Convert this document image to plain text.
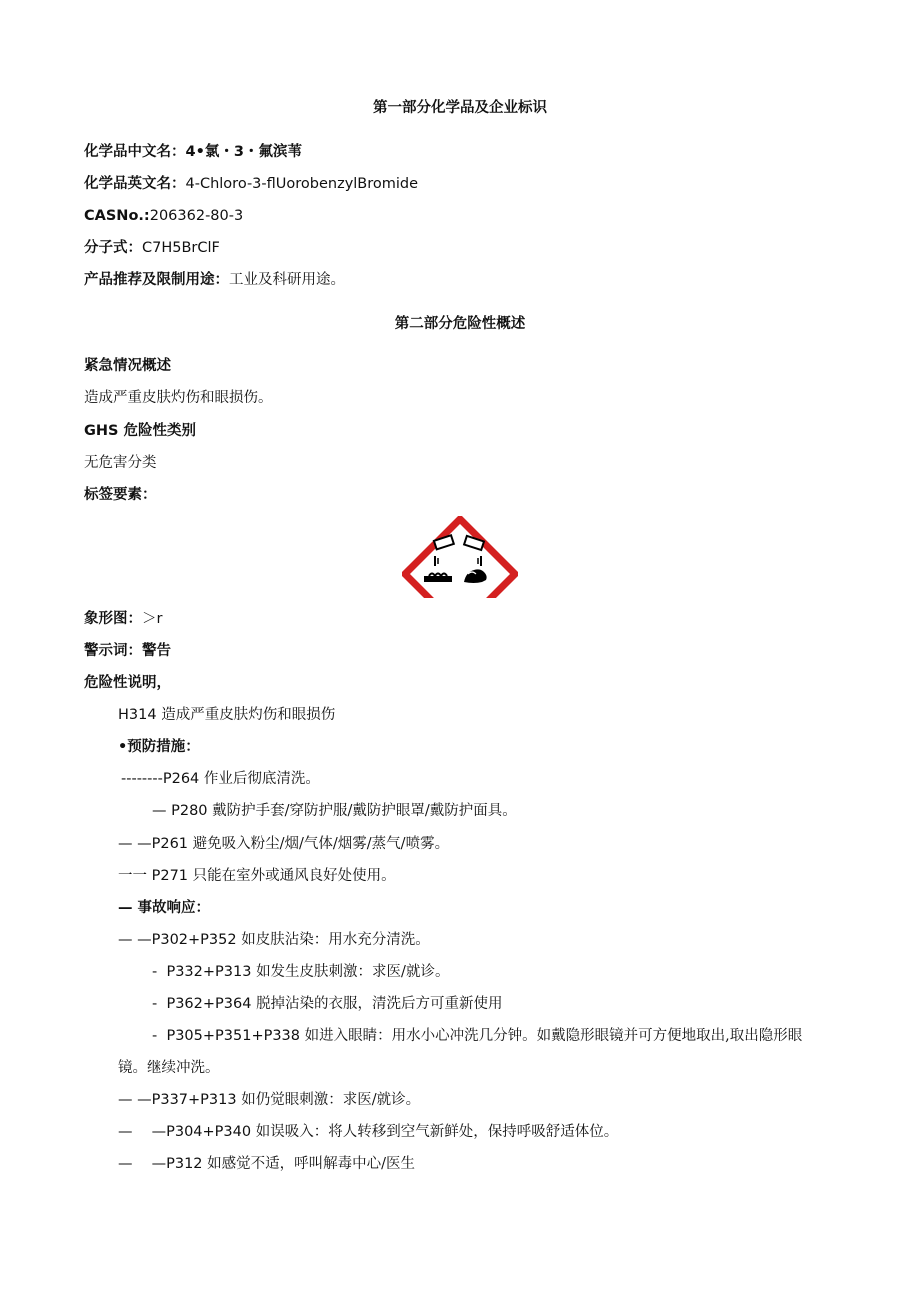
第一部分化学品及企业标识
化学品中文名：4•氯・3・氟滨苇
化学品英文名：4-Chloro-3-flUorobenzylBromide
CASNo.:206362-80-3
分子式：C7H5BrClF
产品推荐及限制用途：工业及科研用途。
第二部分危险性概述
紧急情况概述
造成严重皮肤灼伤和眼损伤。
GHS 危险性类别
无危害分类
标签要素：
象形图：＞r
警示词：警告
危险性说明，
H314 造成严重皮肤灼伤和眼损伤
•预防措施：
--------P264 作业后彻底清洗。
— P280 戴防护手套/穿防护服/戴防护眼罩/戴防护面具。
— —P261 避免吸入粉尘/烟/气体/烟雾/蒸气/喷雾。
一一 P271 只能在室外或通风良好处使用。
— 事故响应：
— —P302+P352 如皮肤沾染：用水充分清洗。
- P332+P313 如发生皮肤刺激：求医/就诊。
- P362+P364 脱掉沾染的衣服，清洗后方可重新使用
- P305+P351+P338 如进入眼睛：用水小心冲洗几分钟。如戴隐形眼镜并可方便地取出,取出隐形眼
镜。继续冲洗。
— —P337+P313 如仍觉眼刺激：求医/就诊。
—　 —P304+P340 如误吸入：将人转移到空气新鲜处，保持呼吸舒适体位。
—　 —P312 如感觉不适，呼叫解毒中心/医生
